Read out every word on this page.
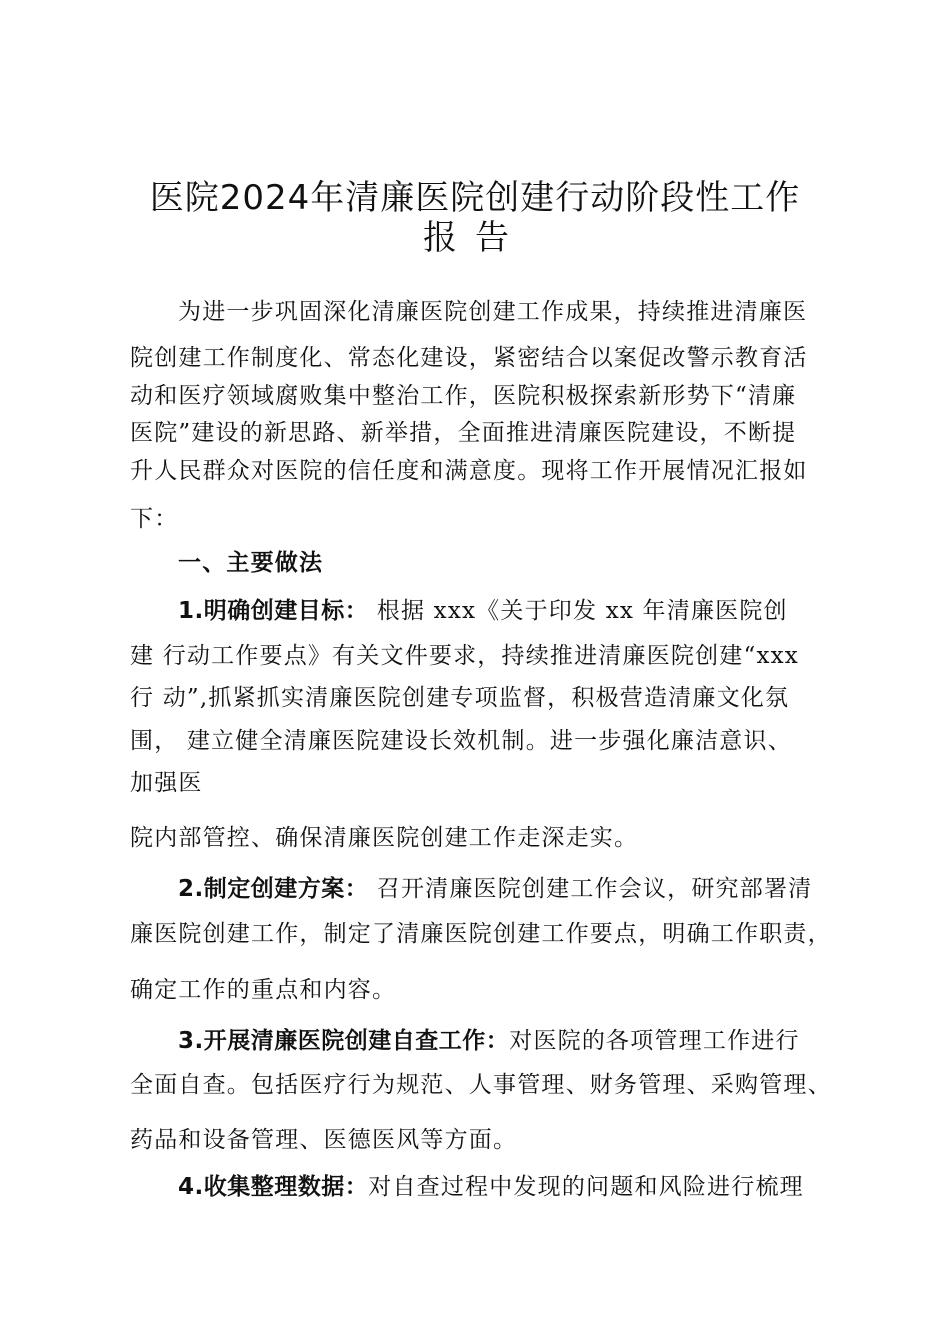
医院2024年清廉医院创建行动阶段性工作
报告
为进一步巩固深化清廉医院创建工作成果，持续推进清廉医
院创建工作制度化、常态化建设，紧密结合以案促改警示教育活
动和医疗领域腐败集中整治工作，医院积极探索新形势下“清廉
医院”建设的新思路、新举措，全面推进清廉医院建设，不断提
升人民群众对医院的信任度和满意度。现将工作开展情况汇报如
下：
一、主要做法
1.明确创建目标： 根据 xxx《关于印发 xx 年清廉医院创
建 行动工作要点》有关文件要求，持续推进清廉医院创建“xxx
行 动”,抓紧抓实清廉医院创建专项监督，积极营造清廉文化氛
围， 建立健全清廉医院建设长效机制。进一步强化廉洁意识、
加强医
院内部管控、确保清廉医院创建工作走深走实。
2.制定创建方案： 召开清廉医院创建工作会议，研究部署清
廉医院创建工作，制定了清廉医院创建工作要点，明确工作职责，
确定工作的重点和内容。
3.开展清廉医院创建自查工作：对医院的各项管理工作进行
全面自查。包括医疗行为规范、人事管理、财务管理、采购管理、
药品和设备管理、医德医风等方面。
4.收集整理数据：对自查过程中发现的问题和风险进行梳理
